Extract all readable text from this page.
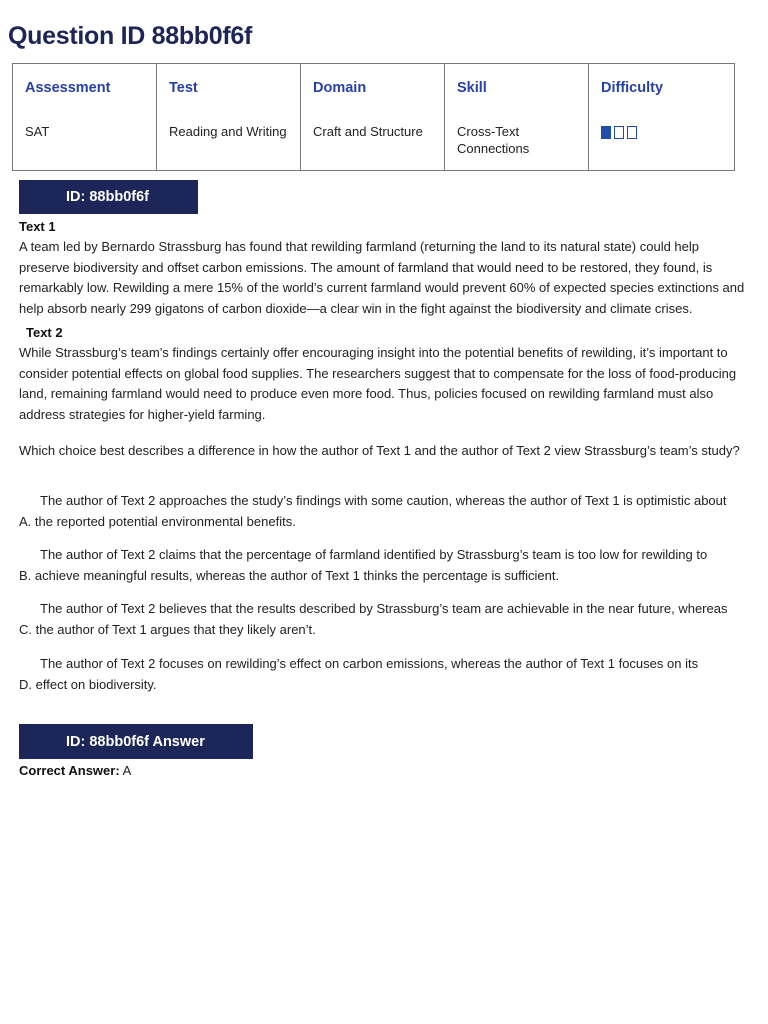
Question ID 88bb0f6f
Assessment	Test	Domain	Skill	Difficulty
SAT	Reading and Writing	Craft and Structure	Cross-Text Connections	
ID: 88bb0f6f
Text 1

A team led by Bernardo Strassburg has found that rewilding farmland (returning the land to its natural state) could help preserve biodiversity and offset carbon emissions. The amount of farmland that would need to be restored, they found, is remarkably low. Rewilding a mere 15% of the world’s current farmland would prevent 60% of expected species extinctions and help absorb nearly 299 gigatons of carbon dioxide—a clear win in the fight against the biodiversity and climate crises.

Text 2

While Strassburg’s team’s findings certainly offer encouraging insight into the potential benefits of rewilding, it’s important to consider potential effects on global food supplies. The researchers suggest that to compensate for the loss of food-producing land, remaining farmland would need to produce even more food. Thus, policies focused on rewilding farmland must also address strategies for higher-yield farming.

Which choice best describes a difference in how the author of Text 1 and the author of Text 2 view Strassburg’s team’s study?

The author of Text 2 approaches the study’s findings with some caution, whereas the author of Text 1 is optimistic about
A. the reported potential environmental benefits.
The author of Text 2 claims that the percentage of farmland identified by Strassburg’s team is too low for rewilding to
B. achieve meaningful results, whereas the author of Text 1 thinks the percentage is sufficient.
The author of Text 2 believes that the results described by Strassburg’s team are achievable in the near future, whereas
C. the author of Text 1 argues that they likely aren’t.
The author of Text 2 focuses on rewilding’s effect on carbon emissions, whereas the author of Text 1 focuses on its
D. effect on biodiversity.
ID: 88bb0f6f Answer
Correct Answer: A
